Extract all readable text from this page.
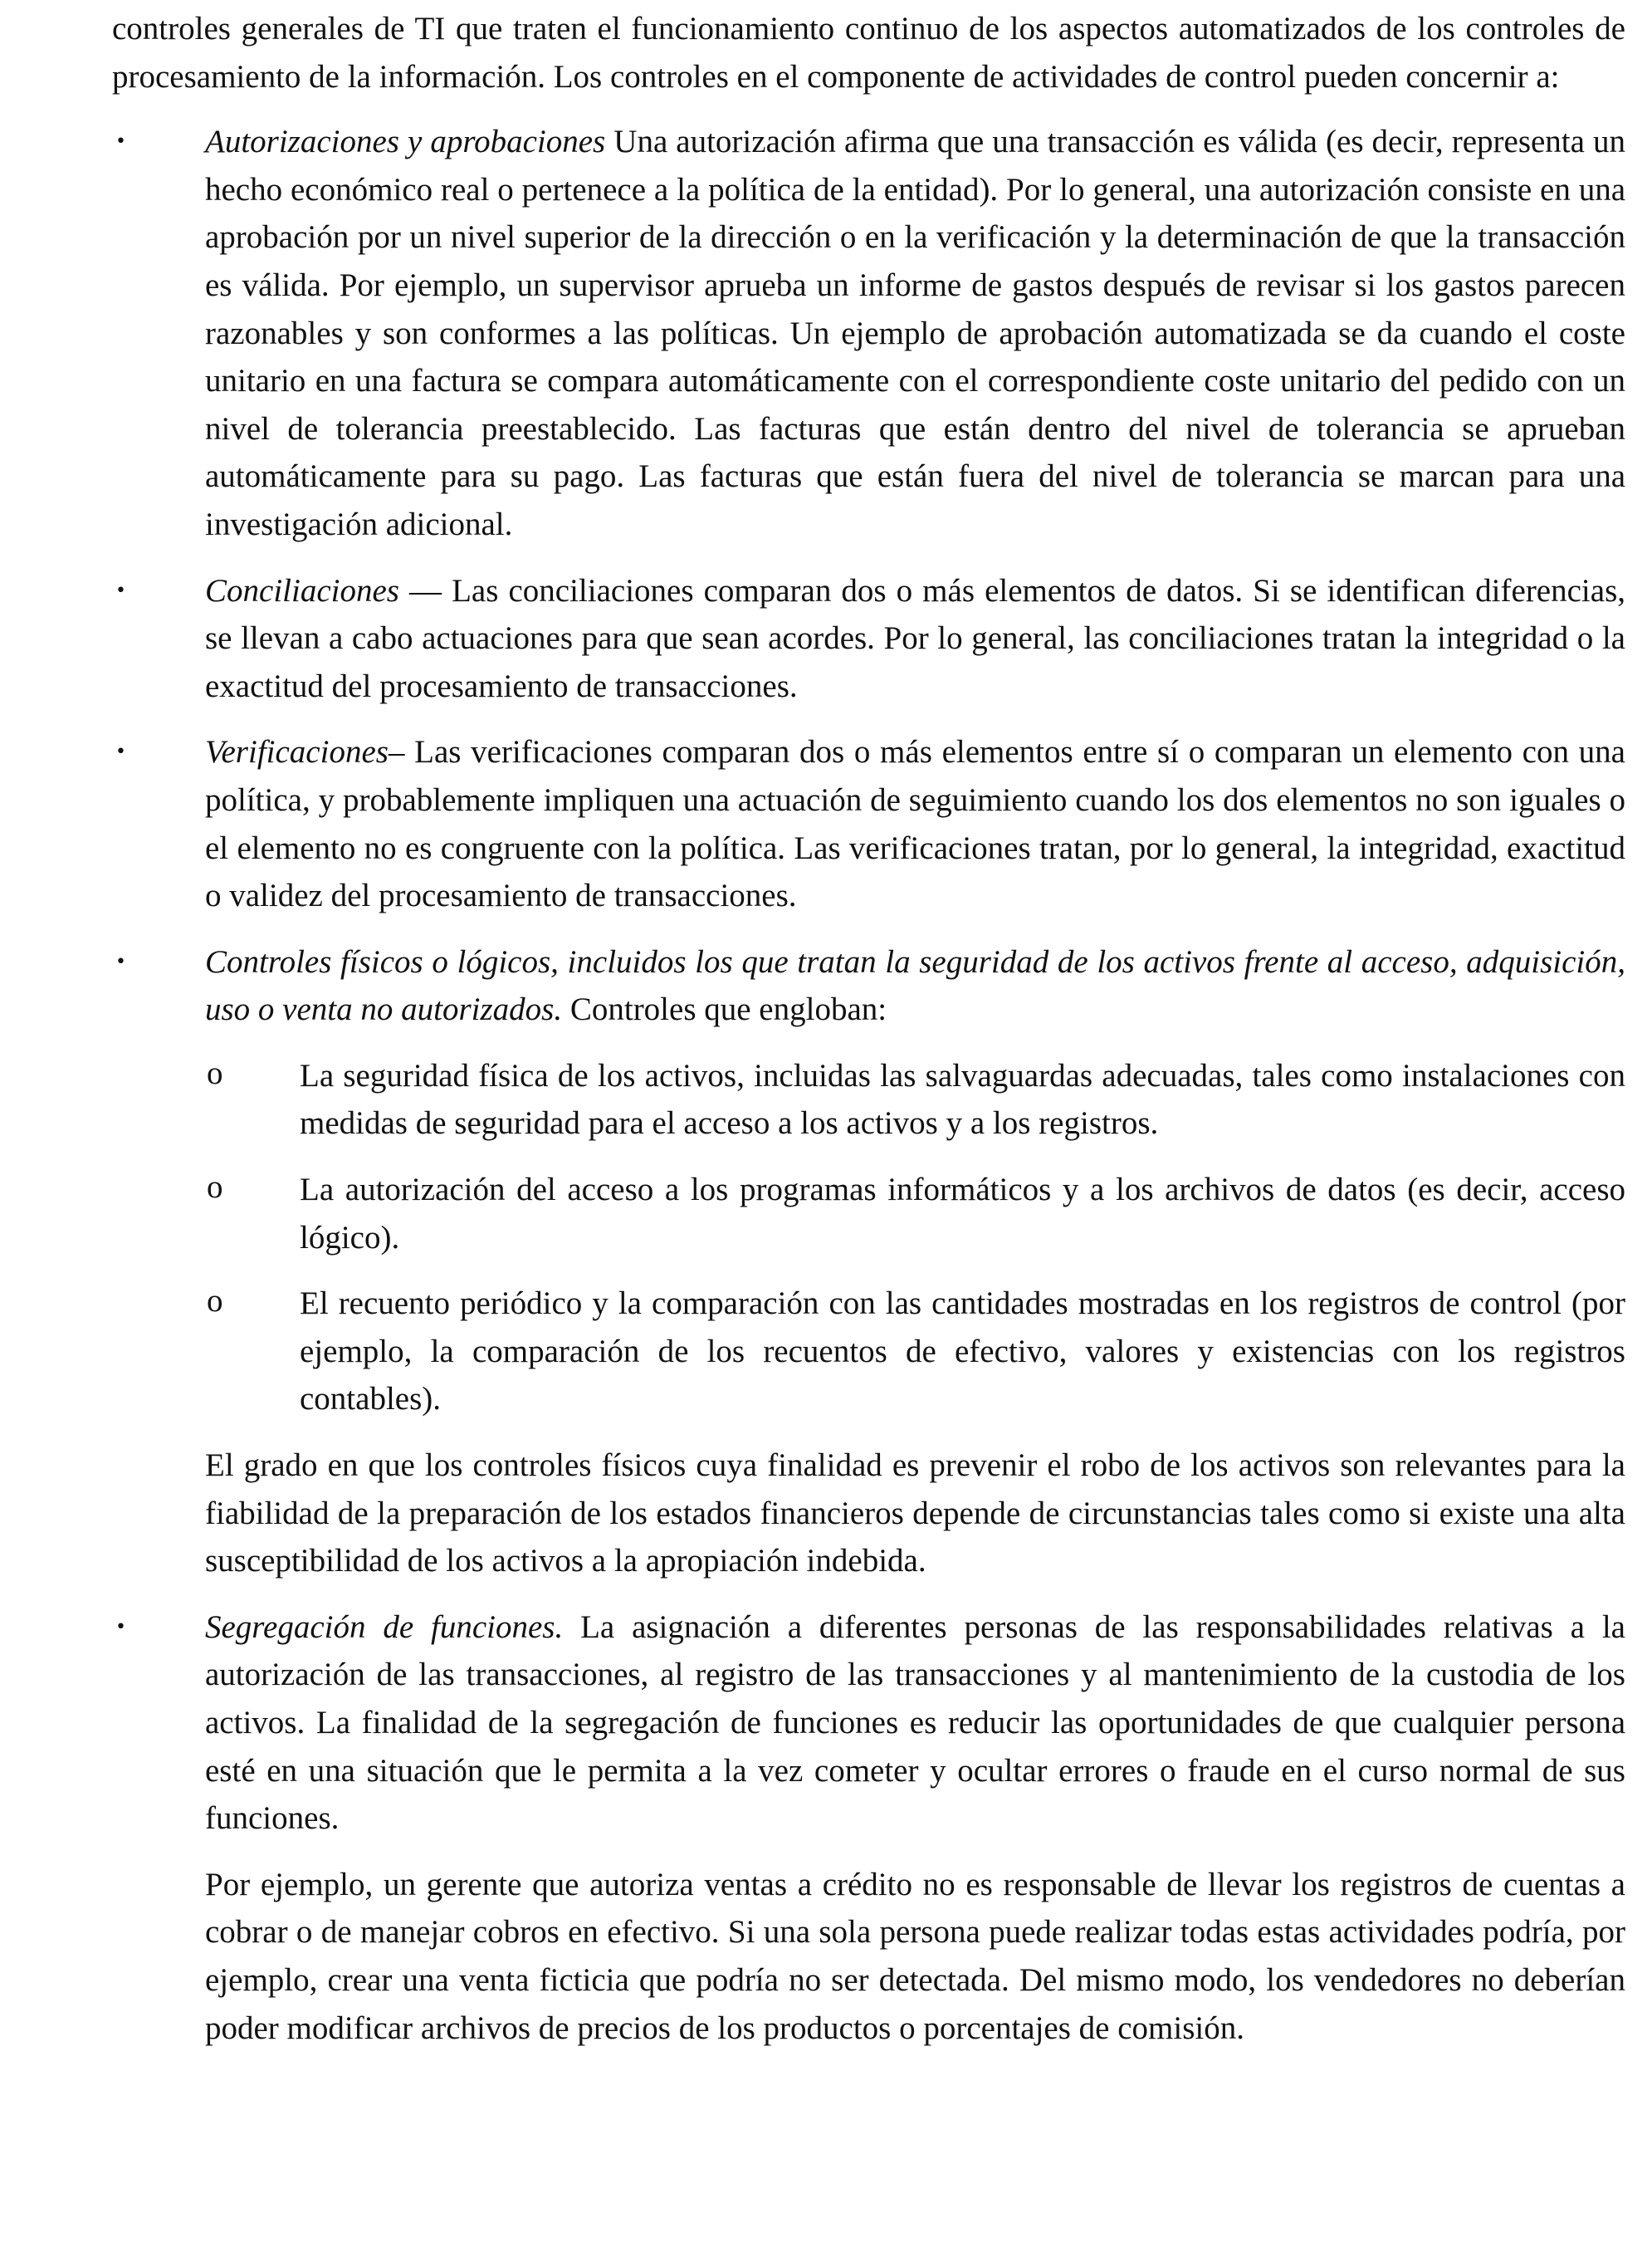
controles generales de TI que traten el funcionamiento continuo de los aspectos automatizados de los controles de procesamiento de la información. Los controles en el componente de actividades de control pueden concernir a:

•	Autorizaciones y aprobaciones Una autorización afirma que una transacción es válida (es decir, representa un hecho económico real o pertenece a la política de la entidad). Por lo general, una autorización consiste en una aprobación por un nivel superior de la dirección o en la verificación y la determinación de que la transacción es válida. Por ejemplo, un supervisor aprueba un informe de gastos después de revisar si los gastos parecen razonables y son conformes a las políticas. Un ejemplo de aprobación automatizada se da cuando el coste unitario en una factura se compara automáticamente con el correspondiente coste unitario del pedido con un nivel de tolerancia preestablecido. Las facturas que están dentro del nivel de tolerancia se aprueban automáticamente para su pago. Las facturas que están fuera del nivel de tolerancia se marcan para una investigación adicional.

•	Conciliaciones — Las conciliaciones comparan dos o más elementos de datos. Si se identifican diferencias, se llevan a cabo actuaciones para que sean acordes. Por lo general, las conciliaciones tratan la integridad o la exactitud del procesamiento de transacciones.

•	Verificaciones– Las verificaciones comparan dos o más elementos entre sí o comparan un elemento con una política, y probablemente impliquen una actuación de seguimiento cuando los dos elementos no son iguales o el elemento no es congruente con la política. Las verificaciones tratan, por lo general, la integridad, exactitud o validez del procesamiento de transacciones.

•	Controles físicos o lógicos, incluidos los que tratan la seguridad de los activos frente al acceso, adquisición, uso o venta no autorizados. Controles que engloban:

o La seguridad física de los activos, incluidas las salvaguardas adecuadas, tales como instalaciones con medidas de seguridad para el acceso a los activos y a los registros.

o La autorización del acceso a los programas informáticos y a los archivos de datos (es decir, acceso lógico).

o El recuento periódico y la comparación con las cantidades mostradas en los registros de control (por ejemplo, la comparación de los recuentos de efectivo, valores y existencias con los registros contables).

El grado en que los controles físicos cuya finalidad es prevenir el robo de los activos son relevantes para la fiabilidad de la preparación de los estados financieros depende de circunstancias tales como si existe una alta susceptibilidad de los activos a la apropiación indebida.

•	Segregación de funciones. La asignación a diferentes personas de las responsabilidades relativas a la autorización de las transacciones, al registro de las transacciones y al mantenimiento de la custodia de los activos. La finalidad de la segregación de funciones es reducir las oportunidades de que cualquier persona esté en una situación que le permita a la vez cometer y ocultar errores o fraude en el curso normal de sus funciones.

Por ejemplo, un gerente que autoriza ventas a crédito no es responsable de llevar los registros de cuentas a cobrar o de manejar cobros en efectivo. Si una sola persona puede realizar todas estas actividades podría, por ejemplo, crear una venta ficticia que podría no ser detectada. Del mismo modo, los vendedores no deberían poder modificar archivos de precios de los productos o porcentajes de comisión.
